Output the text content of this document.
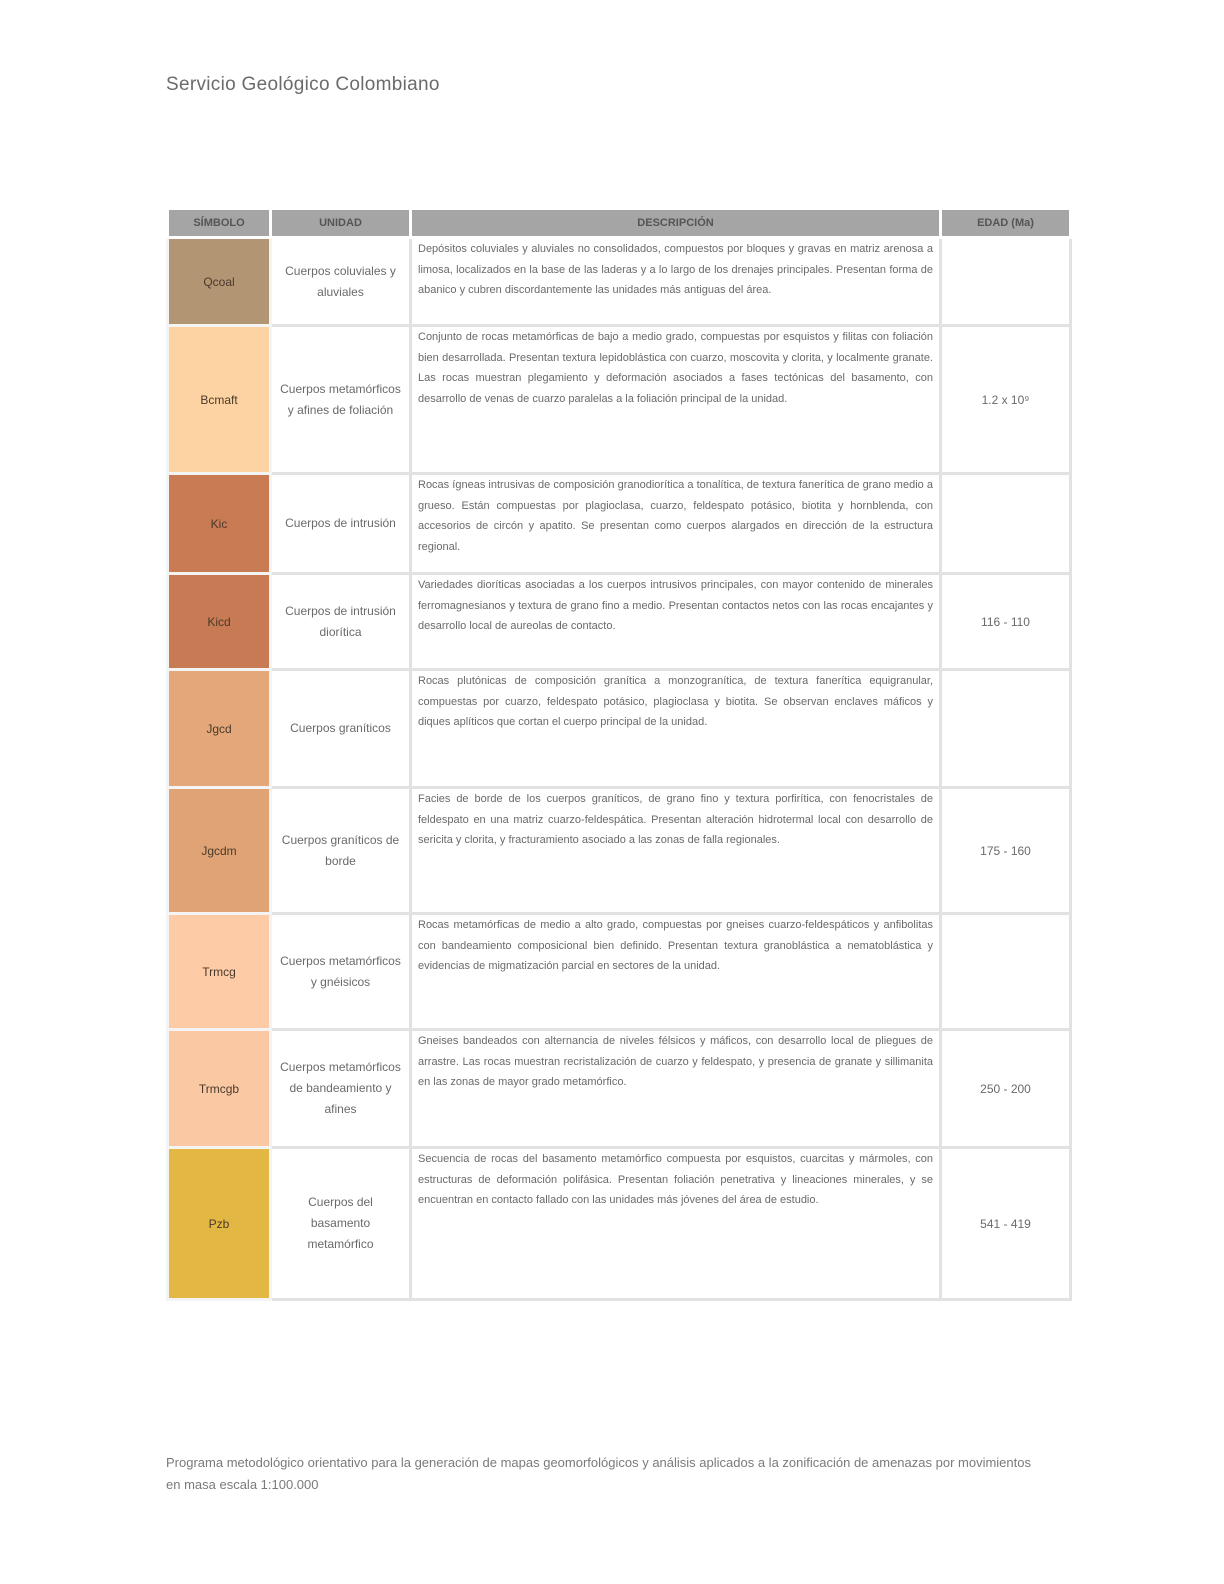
Servicio Geológico Colombiano
SÍMBOLO	UNIDAD	DESCRIPCIÓN	EDAD (Ma)
Qcoal	Cuerpos coluviales y aluviales	Depósitos coluviales y aluviales no consolidados, compuestos por bloques y gravas en matriz arenosa a limosa, localizados en la base de las laderas y a lo largo de los drenajes principales. Presentan forma de abanico y cubren discordantemente las unidades más antiguas del área.	
Bcmaft	Cuerpos metamórficos y afines de foliación	Conjunto de rocas metamórficas de bajo a medio grado, compuestas por esquistos y filitas con foliación bien desarrollada. Presentan textura lepidoblástica con cuarzo, moscovita y clorita, y localmente granate. Las rocas muestran plegamiento y deformación asociados a fases tectónicas del basamento, con desarrollo de venas de cuarzo paralelas a la foliación principal de la unidad.	1.2 x 10⁹
Kic	Cuerpos de intrusión	Rocas ígneas intrusivas de composición granodiorítica a tonalítica, de textura fanerítica de grano medio a grueso. Están compuestas por plagioclasa, cuarzo, feldespato potásico, biotita y hornblenda, con accesorios de circón y apatito. Se presentan como cuerpos alargados en dirección de la estructura regional.	
Kicd	Cuerpos de intrusión diorítica	Variedades dioríticas asociadas a los cuerpos intrusivos principales, con mayor contenido de minerales ferromagnesianos y textura de grano fino a medio. Presentan contactos netos con las rocas encajantes y desarrollo local de aureolas de contacto.	116 - 110
Jgcd	Cuerpos graníticos	Rocas plutónicas de composición granítica a monzogranítica, de textura fanerítica equigranular, compuestas por cuarzo, feldespato potásico, plagioclasa y biotita. Se observan enclaves máficos y diques aplíticos que cortan el cuerpo principal de la unidad.	
Jgcdm	Cuerpos graníticos de borde	Facies de borde de los cuerpos graníticos, de grano fino y textura porfirítica, con fenocristales de feldespato en una matriz cuarzo-feldespática. Presentan alteración hidrotermal local con desarrollo de sericita y clorita, y fracturamiento asociado a las zonas de falla regionales.	175 - 160
Trmcg	Cuerpos metamórficos y gnéisicos	Rocas metamórficas de medio a alto grado, compuestas por gneises cuarzo-feldespáticos y anfibolitas con bandeamiento composicional bien definido. Presentan textura granoblástica a nematoblástica y evidencias de migmatización parcial en sectores de la unidad.	
Trmcgb	Cuerpos metamórficos de bandeamiento y afines	Gneises bandeados con alternancia de niveles félsicos y máficos, con desarrollo local de pliegues de arrastre. Las rocas muestran recristalización de cuarzo y feldespato, y presencia de granate y sillimanita en las zonas de mayor grado metamórfico.	250 - 200
Pzb	Cuerpos del basamento metamórfico	Secuencia de rocas del basamento metamórfico compuesta por esquistos, cuarcitas y mármoles, con estructuras de deformación polifásica. Presentan foliación penetrativa y lineaciones minerales, y se encuentran en contacto fallado con las unidades más jóvenes del área de estudio.	541 - 419
Programa metodológico orientativo para la generación de mapas geomorfológicos y análisis aplicados a la zonificación de amenazas por movimientos en masa escala 1:100.000
